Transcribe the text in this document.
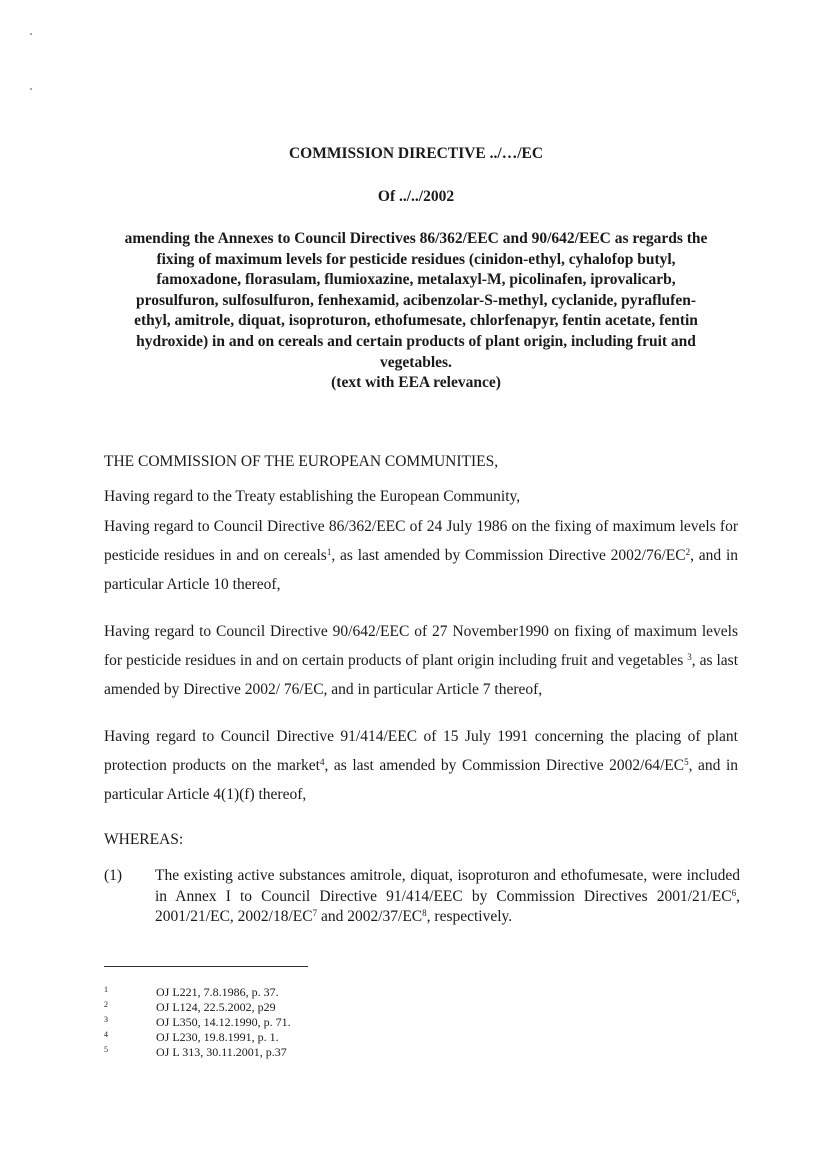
COMMISSION DIRECTIVE ../…/EC
Of ../../2002
amending the Annexes to Council Directives 86/362/EEC and 90/642/EEC as regards the
fixing of maximum levels for pesticide residues (cinidon-ethyl, cyhalofop butyl,
famoxadone, florasulam, flumioxazine, metalaxyl-M, picolinafen, iprovalicarb,
prosulfuron, sulfosulfuron, fenhexamid, acibenzolar-S-methyl, cyclanide, pyraflufen-
ethyl, amitrole, diquat, isoproturon, ethofumesate, chlorfenapyr, fentin acetate, fentin
hydroxide) in and on cereals and certain products of plant origin, including fruit and
vegetables.
(text with EEA relevance)

THE COMMISSION OF THE EUROPEAN COMMUNITIES,

Having regard to the Treaty establishing the European Community,

Having regard to Council Directive 86/362/EEC of 24 July 1986 on the fixing of maximum levels for pesticide residues in and on cereals$^1$, as last amended by Commission Directive $2002/76/EC^2$, and in particular Article 10 thereof,

Having regard to Council Directive 90/642/EEC of 27 November1990 on fixing of maximum levels for pesticide residues in and on certain products of plant origin including fruit and vegetables $^3$, as last amended by Directive 2002/ 76/EC, and in particular Article 7 thereof,

Having regard to Council Directive 91/414/EEC of 15 July 1991 concerning the placing of plant protection products on the market$^4$, as last amended by Commission Directive $2002/64/EC^5$, and in particular Article 4(1)(f) thereof,

WHEREAS:

(1) The existing active substances amitrole, diquat, isoproturon and ethofumesate, were included in Annex I to Council Directive 91/414/EEC by Commission Directives $2001/21/EC^6$, 2001/21/EC, $2002/18/EC^7$ and $2002/37/EC^8$, respectively.
1	OJ L221, 7.8.1986, p. 37.
2	OJ L124, 22.5.2002, p29
3	OJ L350, 14.12.1990, p. 71.
4	OJ L230, 19.8.1991, p. 1.
5	OJ L 313, 30.11.2001, p.37
